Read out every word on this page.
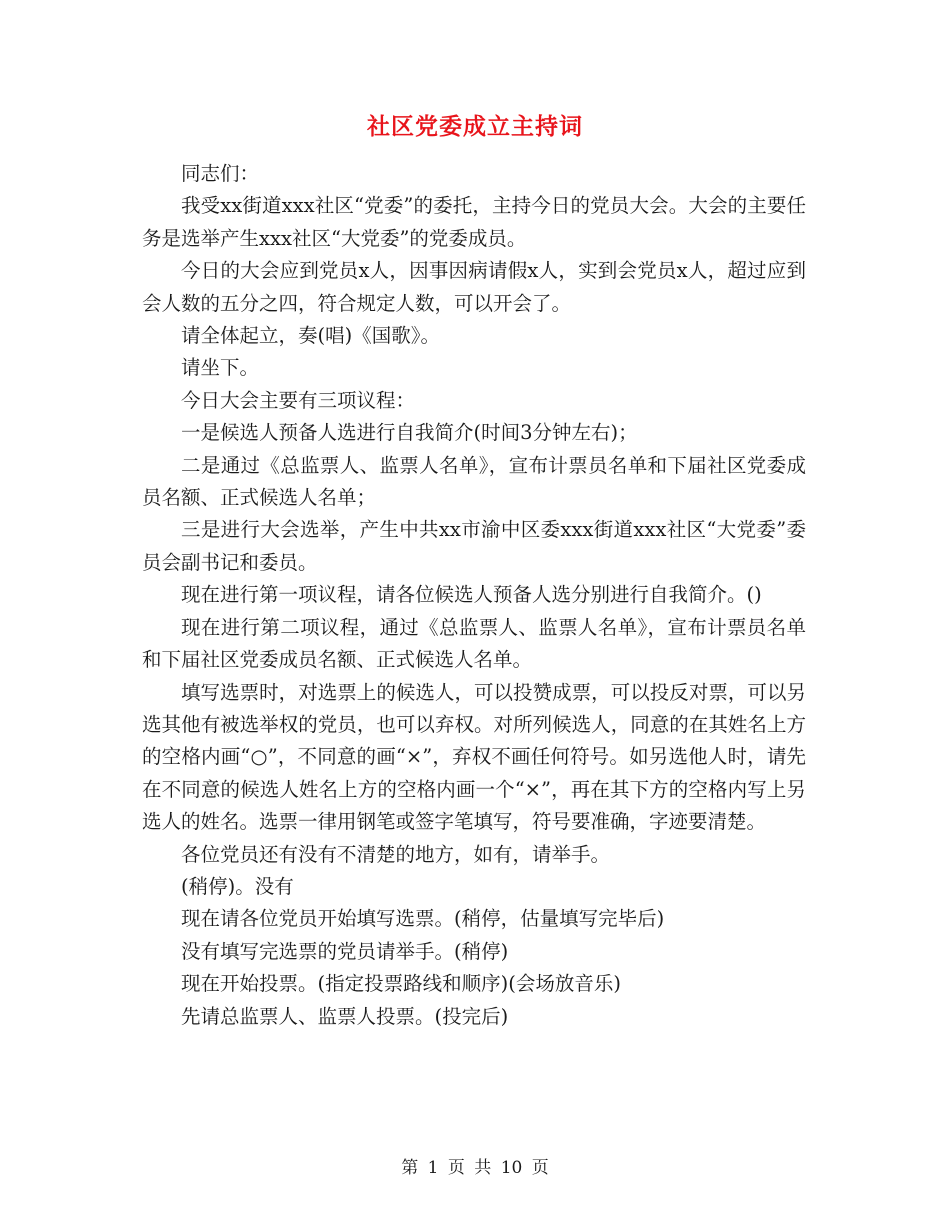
社区党委成立主持词

同志们：

我受xx街道xxx社区“党委”的委托，主持今日的党员大会。大会的主要任务是选举产生xxx社区“大党委”的党委成员。

今日的大会应到党员x人，因事因病请假x人，实到会党员x人，超过应到会人数的五分之四，符合规定人数，可以开会了。

请全体起立，奏(唱)《国歌》。

请坐下。

今日大会主要有三项议程：

一是候选人预备人选进行自我简介(时间3分钟左右)；

二是通过《总监票人、监票人名单》，宣布计票员名单和下届社区党委成员名额、正式候选人名单；

三是进行大会选举，产生中共xx市渝中区委xxx街道xxx社区“大党委”委员会副书记和委员。

现在进行第一项议程，请各位候选人预备人选分别进行自我简介。()

现在进行第二项议程，通过《总监票人、监票人名单》，宣布计票员名单和下届社区党委成员名额、正式候选人名单。

填写选票时，对选票上的候选人，可以投赞成票，可以投反对票，可以另选其他有被选举权的党员，也可以弃权。对所列候选人，同意的在其姓名上方的空格内画“○”，不同意的画“×”，弃权不画任何符号。如另选他人时，请先在不同意的候选人姓名上方的空格内画一个“×”，再在其下方的空格内写上另选人的姓名。选票一律用钢笔或签字笔填写，符号要准确，字迹要清楚。

各位党员还有没有不清楚的地方，如有，请举手。

(稍停)。没有

现在请各位党员开始填写选票。(稍停，估量填写完毕后)

没有填写完选票的党员请举手。(稍停)

现在开始投票。(指定投票路线和顺序)(会场放音乐)

先请总监票人、监票人投票。(投完后)

第 1 页 共 10 页
